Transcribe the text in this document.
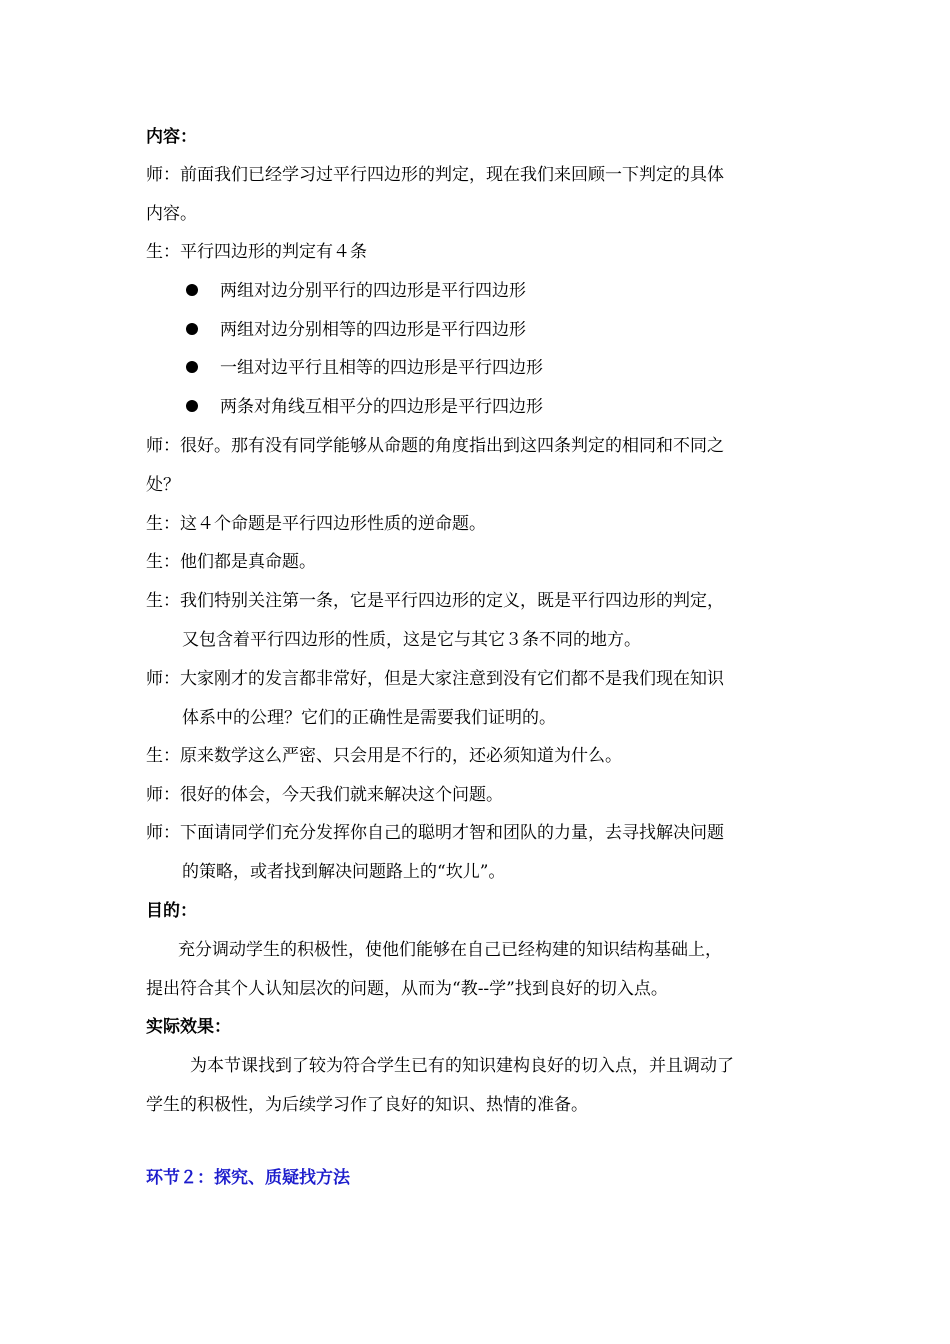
内容：
师：前面我们已经学习过平行四边形的判定，现在我们来回顾一下判定的具体
内容。
生：平行四边形的判定有４条
两组对边分别平行的四边形是平行四边形
两组对边分别相等的四边形是平行四边形
一组对边平行且相等的四边形是平行四边形
两条对角线互相平分的四边形是平行四边形
师：很好。那有没有同学能够从命题的角度指出到这四条判定的相同和不同之
处？
生：这４个命题是平行四边形性质的逆命题。
生：他们都是真命题。
生：我们特别关注第一条，它是平行四边形的定义，既是平行四边形的判定，
又包含着平行四边形的性质，这是它与其它３条不同的地方。
师：大家刚才的发言都非常好，但是大家注意到没有它们都不是我们现在知识
体系中的公理？它们的正确性是需要我们证明的。
生：原来数学这么严密、只会用是不行的，还必须知道为什么。
师：很好的体会，今天我们就来解决这个问题。
师：下面请同学们充分发挥你自己的聪明才智和团队的力量，去寻找解决问题
的策略，或者找到解决问题路上的“坎儿”。
目的：
充分调动学生的积极性，使他们能够在自己已经构建的知识结构基础上，
提出符合其个人认知层次的问题，从而为“教--学”找到良好的切入点。
实际效果：
为本节课找到了较为符合学生已有的知识建构良好的切入点，并且调动了
学生的积极性，为后续学习作了良好的知识、热情的准备。
环节２：探究、质疑找方法
